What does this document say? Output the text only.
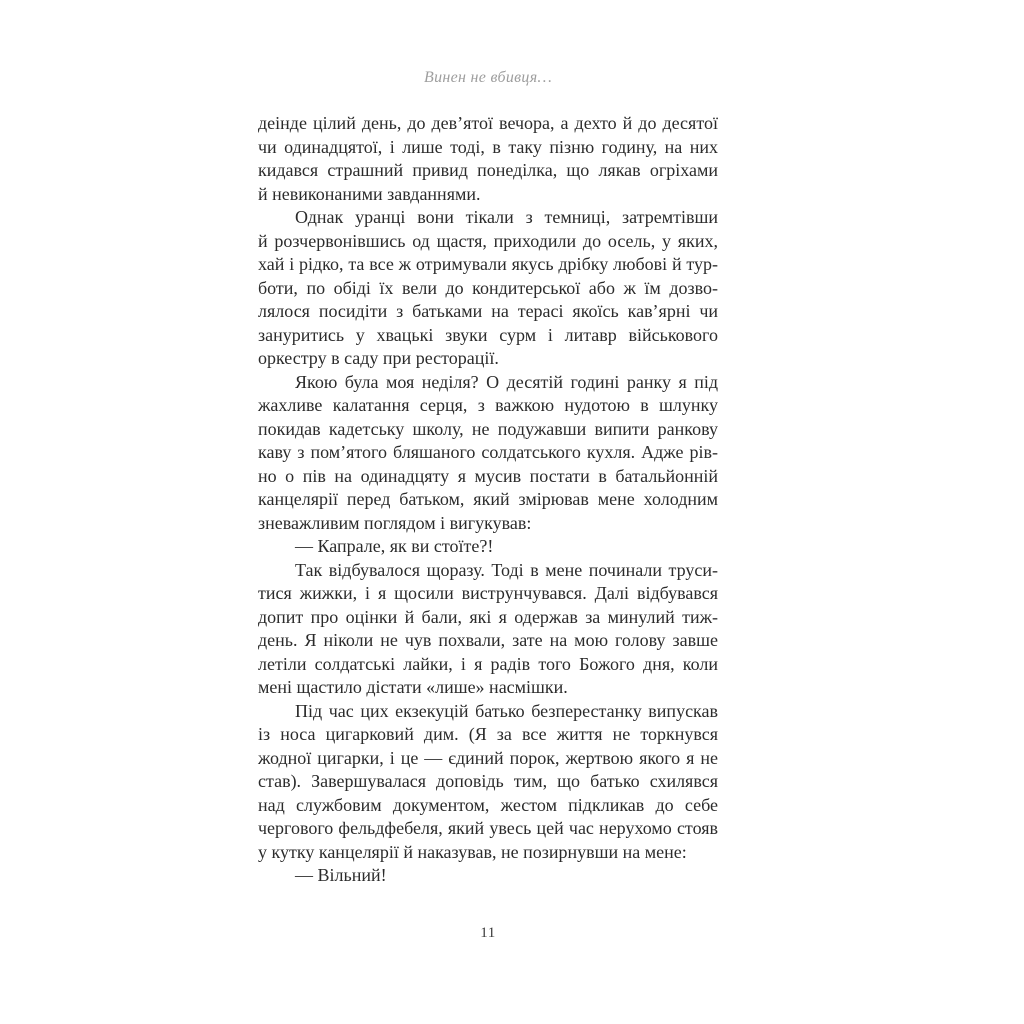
Винен не вбивця…
деінде цілий день, до дев’ятої вечора, а дехто й до десятої
чи одинадцятої, і лише тоді, в таку пізню годину, на них
кидався страшний привид понеділка, що лякав огріхами
й невиконаними завданнями.
Однак уранці вони тікали з темниці, затремтівши
й розчервонівшись од щастя, приходили до осель, у яких,
хай і рідко, та все ж отримували якусь дрібку любові й тур-
боти, по обіді їх вели до кондитерської або ж їм дозво-
лялося посидіти з батьками на терасі якоїсь кав’ярні чи
зануритись у хвацькі звуки сурм і литавр військового
оркестру в саду при ресторації.
Якою була моя неділя? О десятій годині ранку я під
жахливе калатання серця, з важкою нудотою в шлунку
покидав кадетську школу, не подужавши випити ранкову
каву з пом’ятого бляшаного солдатського кухля. Адже рів-
но о пів на одинадцяту я мусив постати в батальйонній
канцелярії перед батьком, який змірював мене холодним
зневажливим поглядом і вигукував:
— Капрале, як ви стоїте?!
Так відбувалося щоразу. Тоді в мене починали труси-
тися жижки, і я щосили виструнчувався. Далі відбувався
допит про оцінки й бали, які я одержав за минулий тиж-
день. Я ніколи не чув похвали, зате на мою голову завше
летіли солдатські лайки, і я радів того Божого дня, коли
мені щастило дістати «лише» насмішки.
Під час цих екзекуцій батько безперестанку випускав
із носа цигарковий дим. (Я за все життя не торкнувся
жодної цигарки, і це — єдиний порок, жертвою якого я не
став). Завершувалася доповідь тим, що батько схилявся
над службовим документом, жестом підкликав до себе
чергового фельдфебеля, який увесь цей час нерухомо стояв
у кутку канцелярії й наказував, не позирнувши на мене:
— Вільний!
11
